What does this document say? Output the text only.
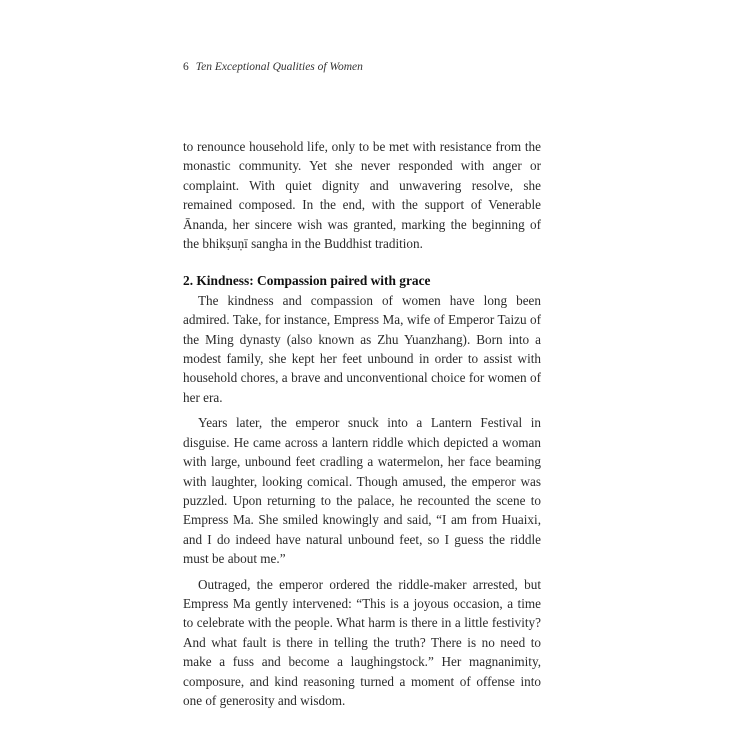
6 Ten Exceptional Qualities of Women

to renounce household life, only to be met with resistance from the monastic community. Yet she never responded with anger or complaint. With quiet dignity and unwavering resolve, she remained composed. In the end, with the support of Venerable Ānanda, her sincere wish was granted, marking the beginning of the bhikṣuṇī sangha in the Buddhist tradition.

2. Kindness: Compassion paired with grace

The kindness and compassion of women have long been admired. Take, for instance, Empress Ma, wife of Emperor Taizu of the Ming dynasty (also known as Zhu Yuanzhang). Born into a modest family, she kept her feet unbound in order to assist with household chores, a brave and unconventional choice for women of her era.

Years later, the emperor snuck into a Lantern Festival in disguise. He came across a lantern riddle which depicted a woman with large, unbound feet cradling a watermelon, her face beaming with laughter, looking comical. Though amused, the emperor was puzzled. Upon returning to the palace, he recounted the scene to Empress Ma. She smiled knowingly and said, “I am from Huaixi, and I do indeed have natural unbound feet, so I guess the riddle must be about me.”

Outraged, the emperor ordered the riddle-maker arrested, but Empress Ma gently intervened: “This is a joyous occasion, a time to celebrate with the people. What harm is there in a little festivity? And what fault is there in telling the truth? There is no need to make a fuss and become a laughingstock.” Her magnanimity, composure, and kind reasoning turned a moment of offense into one of generosity and wisdom.
